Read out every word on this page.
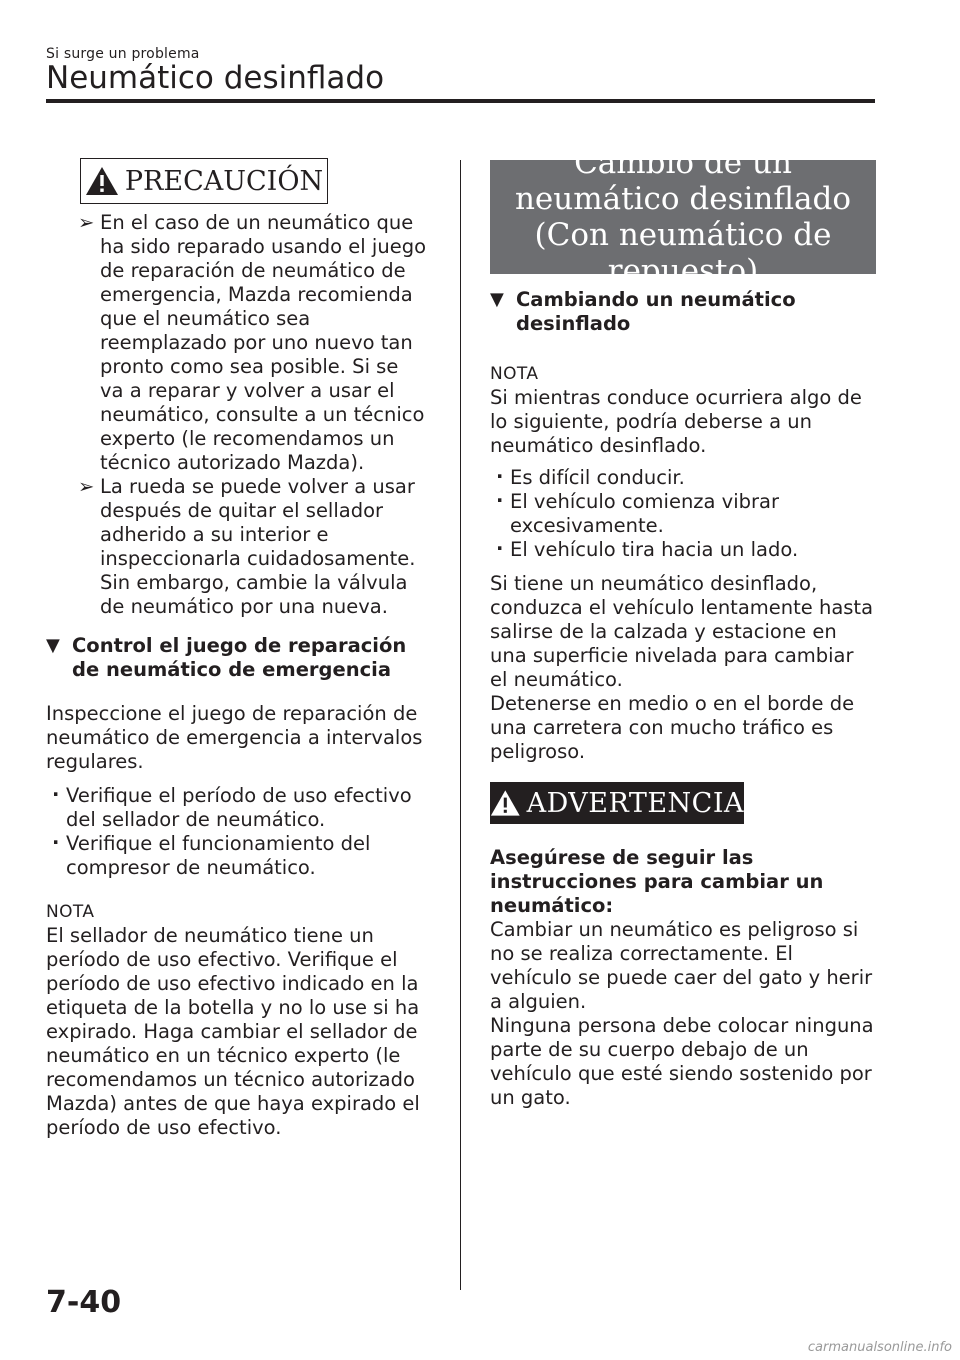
Si surge un problema
Neumático desinflado
PRECAUCIÓN
➢ En el caso de un neumático que ha sido reparado usando el juego de reparación de neumático de emergencia, Mazda recomienda que el neumático sea reemplazado por uno nuevo tan pronto como sea posible. Si se va a reparar y volver a usar el neumático, consulte a un técnico experto (le recomendamos un técnico autorizado Mazda).
➢ La rueda se puede volver a usar después de quitar el sellador adherido a su interior e inspeccionarla cuidadosamente. Sin embargo, cambie la válvula de neumático por una nueva.
▼ Control el juego de reparación de neumático de emergencia

Inspeccione el juego de reparación de neumático de emergencia a intervalos regulares.

· Verifique el período de uso efectivo del sellador de neumático.
· Verifique el funcionamiento del compresor de neumático.
NOTA

El sellador de neumático tiene un período de uso efectivo. Verifique el período de uso efectivo indicado en la etiqueta de la botella y no lo use si ha expirado. Haga cambiar el sellador de neumático en un técnico experto (le recomendamos un técnico autorizado Mazda) antes de que haya expirado el período de uso efectivo.

Cambio de un neumático desinflado (Con neumático de repuesto)
▼ Cambiando un neumático desinflado
NOTA

Si mientras conduce ocurriera algo de lo siguiente, podría deberse a un neumático desinflado.

· Es difícil conducir.
· El vehículo comienza vibrar excesivamente.
· El vehículo tira hacia un lado.

Si tiene un neumático desinflado, conduzca el vehículo lentamente hasta salirse de la calzada y estacione en una superficie nivelada para cambiar el neumático.

Detenerse en medio o en el borde de una carretera con mucho tráfico es peligroso.

ADVERTENCIA

Asegúrese de seguir las instrucciones para cambiar un neumático:

Cambiar un neumático es peligroso si no se realiza correctamente. El vehículo se puede caer del gato y herir a alguien.

Ninguna persona debe colocar ninguna parte de su cuerpo debajo de un vehículo que esté siendo sostenido por un gato.

7-40
carmanualsonline.info
